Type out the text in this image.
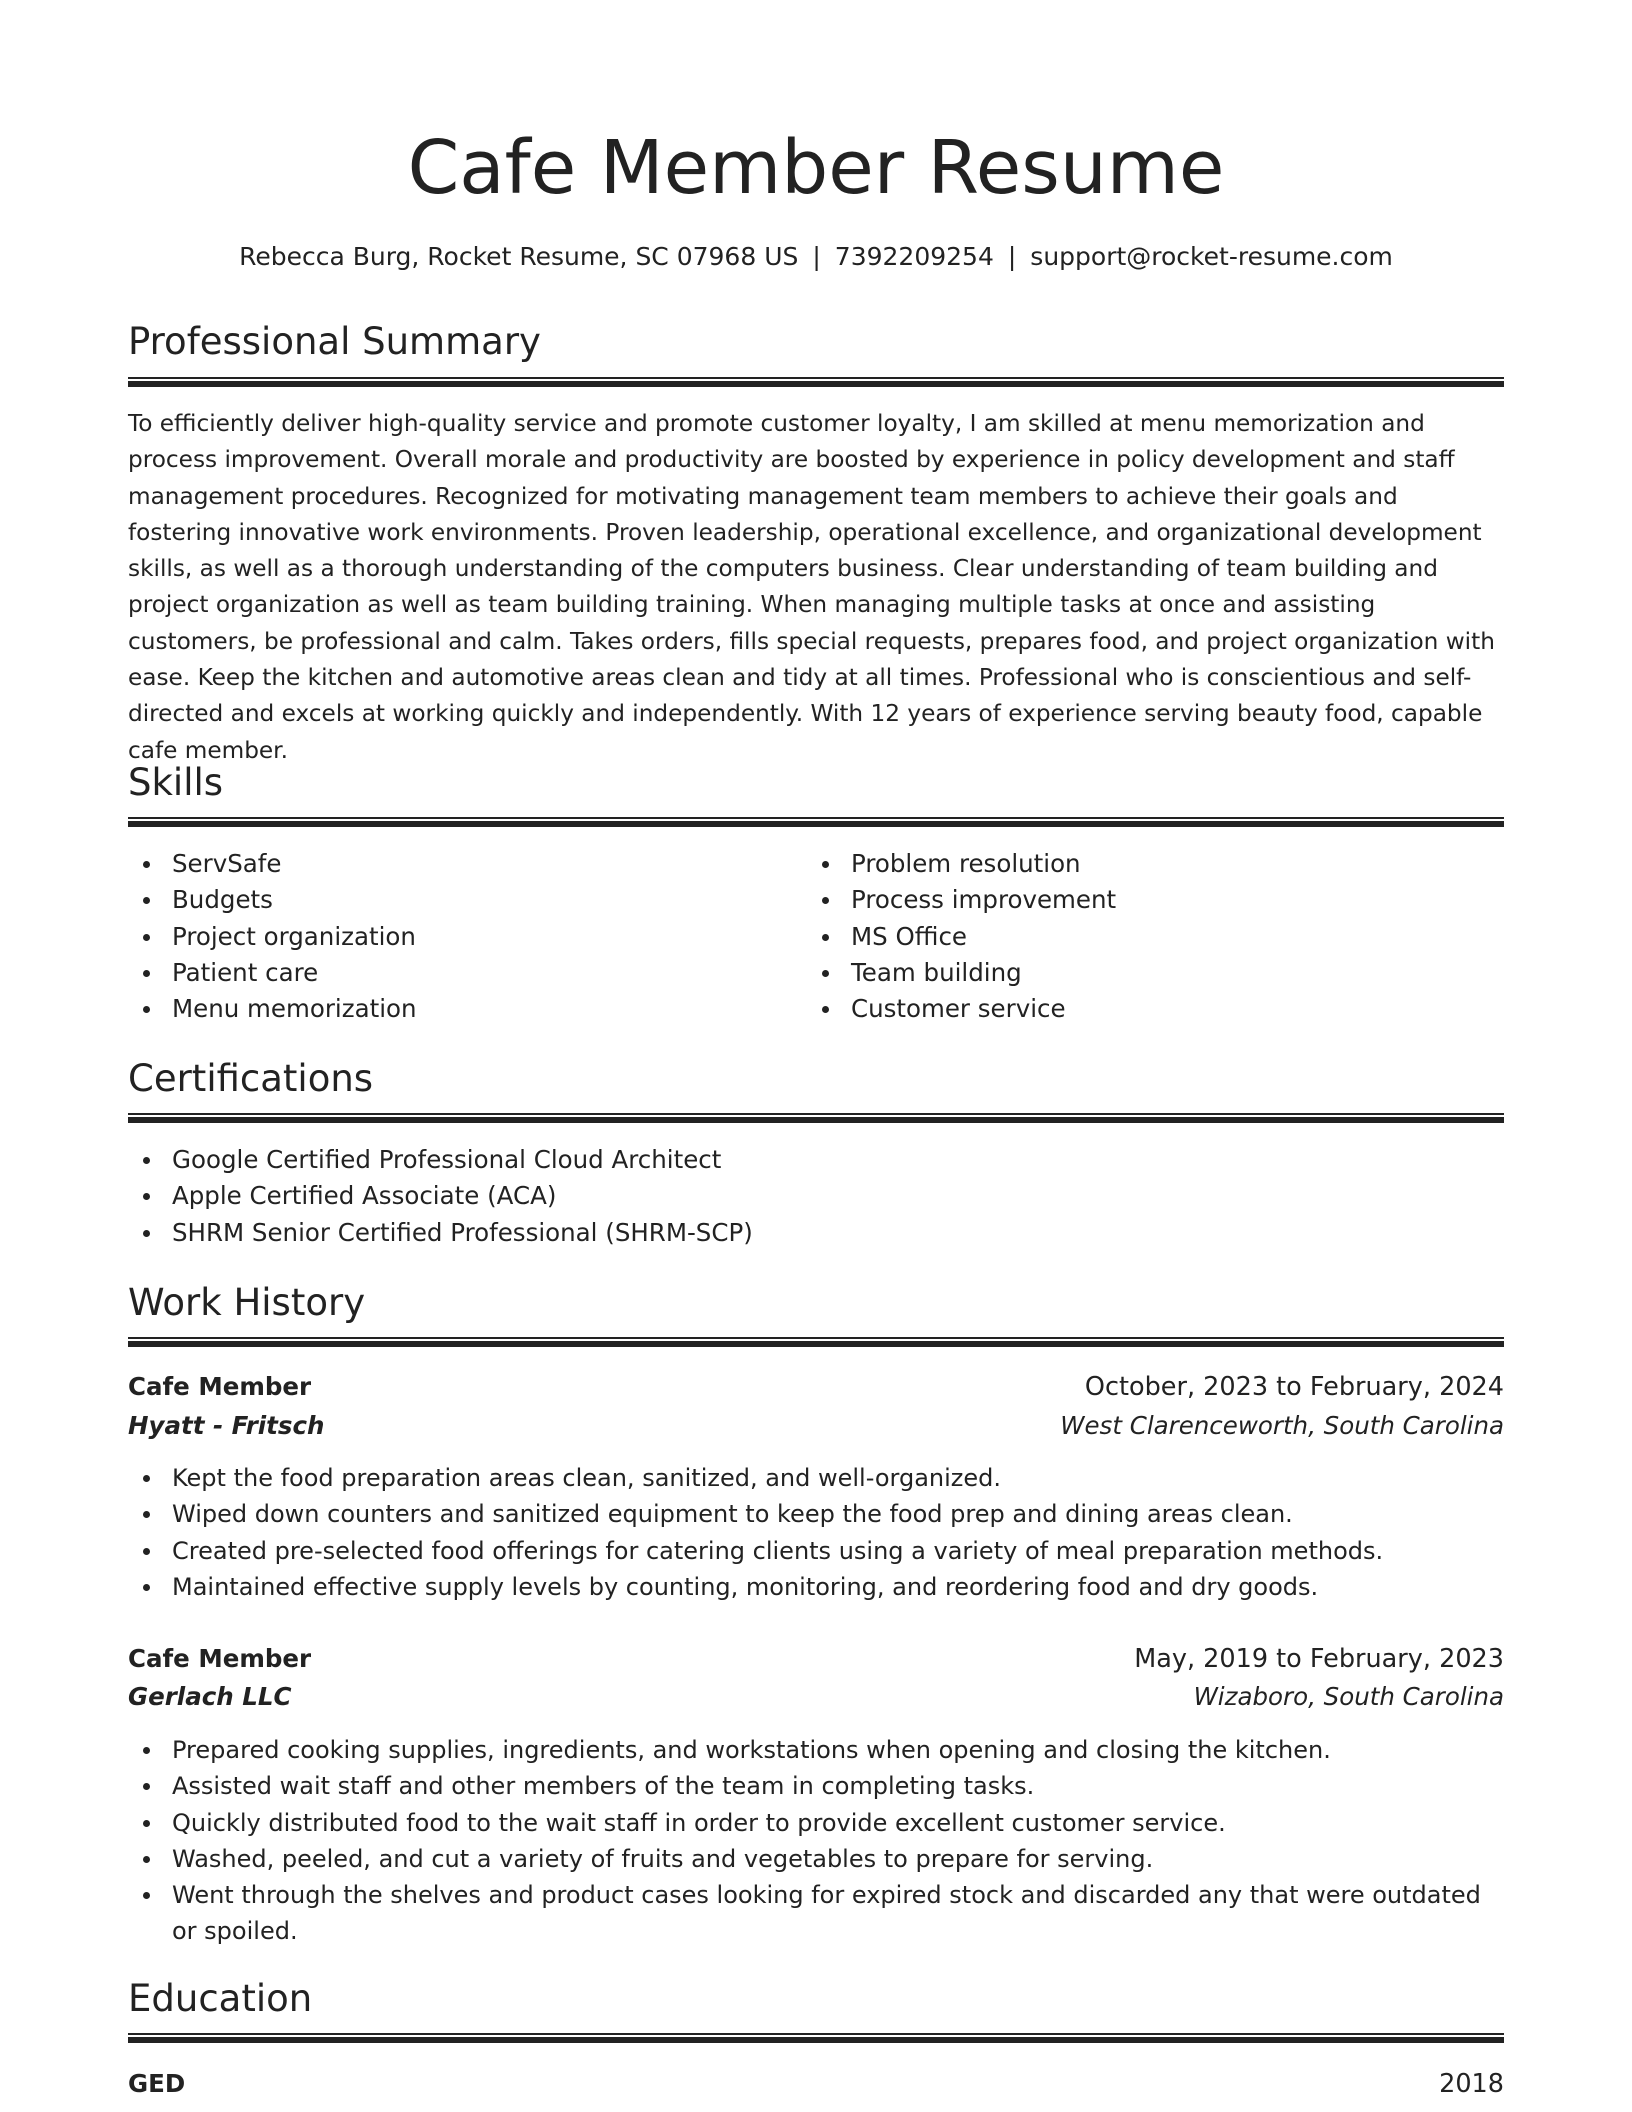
Cafe Member Resume
Rebecca Burg, Rocket Resume, SC 07968 US | 7392209254 | support@rocket-resume.com
Professional Summary

To efficiently deliver high-quality service and promote customer loyalty, I am skilled at menu memorization and process improvement. Overall morale and productivity are boosted by experience in policy development and staff management procedures. Recognized for motivating management team members to achieve their goals and fostering innovative work environments. Proven leadership, operational excellence, and organizational development skills, as well as a thorough understanding of the computers business. Clear understanding of team building and project organization as well as team building training. When managing multiple tasks at once and assisting customers, be professional and calm. Takes orders, fills special requests, prepares food, and project organization with ease. Keep the kitchen and automotive areas clean and tidy at all times. Professional who is conscientious and self-directed and excels at working quickly and independently. With 12 years of experience serving beauty food, capable cafe member.

Skills
ServSafe
Budgets
Project organization
Patient care
Menu memorization
Problem resolution
Process improvement
MS Office
Team building
Customer service
Certifications
Google Certified Professional Cloud Architect
Apple Certified Associate (ACA)
SHRM Senior Certified Professional (SHRM-SCP)
Work History
Cafe Member	October, 2023 to February, 2024
Hyatt - Fritsch	West Clarenceworth, South Carolina
Kept the food preparation areas clean, sanitized, and well-organized.
Wiped down counters and sanitized equipment to keep the food prep and dining areas clean.
Created pre-selected food offerings for catering clients using a variety of meal preparation methods.
Maintained effective supply levels by counting, monitoring, and reordering food and dry goods.
Cafe Member	May, 2019 to February, 2023
Gerlach LLC	Wizaboro, South Carolina
Prepared cooking supplies, ingredients, and workstations when opening and closing the kitchen.
Assisted wait staff and other members of the team in completing tasks.
Quickly distributed food to the wait staff in order to provide excellent customer service.
Washed, peeled, and cut a variety of fruits and vegetables to prepare for serving.
Went through the shelves and product cases looking for expired stock and discarded any that were outdated or spoiled.
Education
GED	2018
